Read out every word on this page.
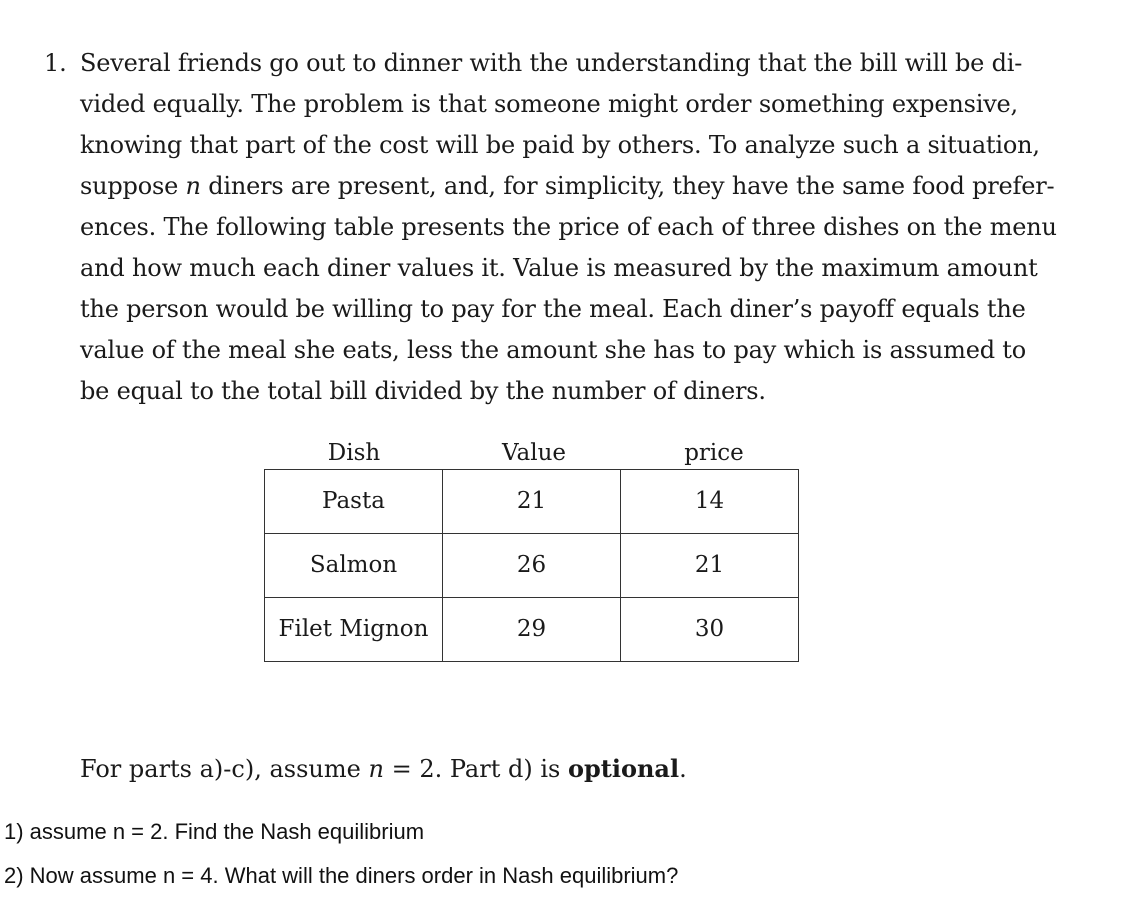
1. Several friends go out to dinner with the understanding that the bill will be di-
vided equally. The problem is that someone might order something expensive,
knowing that part of the cost will be paid by others. To analyze such a situation,
suppose n diners are present, and, for simplicity, they have the same food prefer-
ences. The following table presents the price of each of three dishes on the menu
and how much each diner values it. Value is measured by the maximum amount
the person would be willing to pay for the meal. Each diner’s payoff equals the
value of the meal she eats, less the amount she has to pay which is assumed to
be equal to the total bill divided by the number of diners.
Dish	Value	price
Pasta	21	14
Salmon	26	21
Filet Mignon	29	30
For parts a)-c), assume n = 2. Part d) is optional.
1) assume n = 2. Find the Nash equilibrium
2) Now assume n = 4. What will the diners order in Nash equilibrium?
